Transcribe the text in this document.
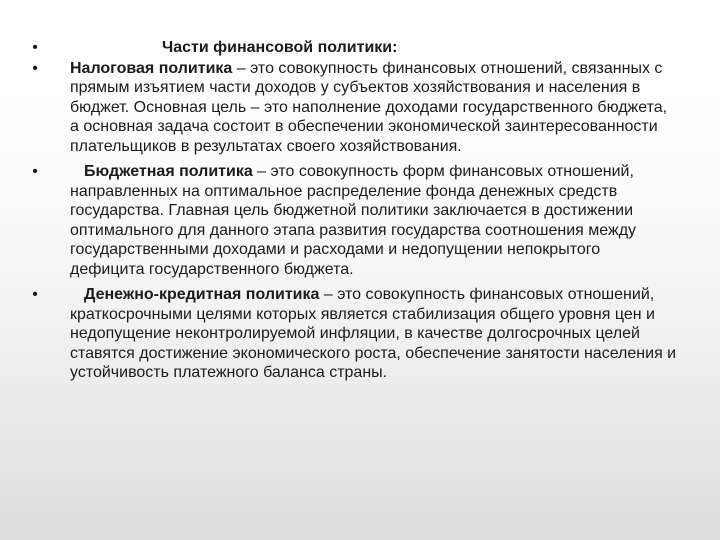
•	Части финансовой политики:
• Налоговая политика – это совокупность финансовых отношений, связанных с прямым изъятием части доходов у субъектов хозяйствования и населения в бюджет. Основная цель – это наполнение доходами государственного бюджета, а основная задача состоит в обеспечении экономической заинтересованности плательщиков в результатах своего хозяйствования.
•	Бюджетная политика – это совокупность форм финансовых отношений, направленных на оптимальное распределение фонда денежных средств государства. Главная цель бюджетной политики заключается в достижении оптимального для данного этапа развития государства соотношения между государственными доходами и расходами и недопущении непокрытого дефицита государственного бюджета.
•	Денежно-кредитная политика – это совокупность финансовых отношений, краткосрочными целями которых является стабилизация общего уровня цен и недопущение неконтролируемой инфляции, в качестве долгосрочных целей ставятся достижение экономического роста, обеспечение занятости населения и устойчивость платежного баланса страны.
